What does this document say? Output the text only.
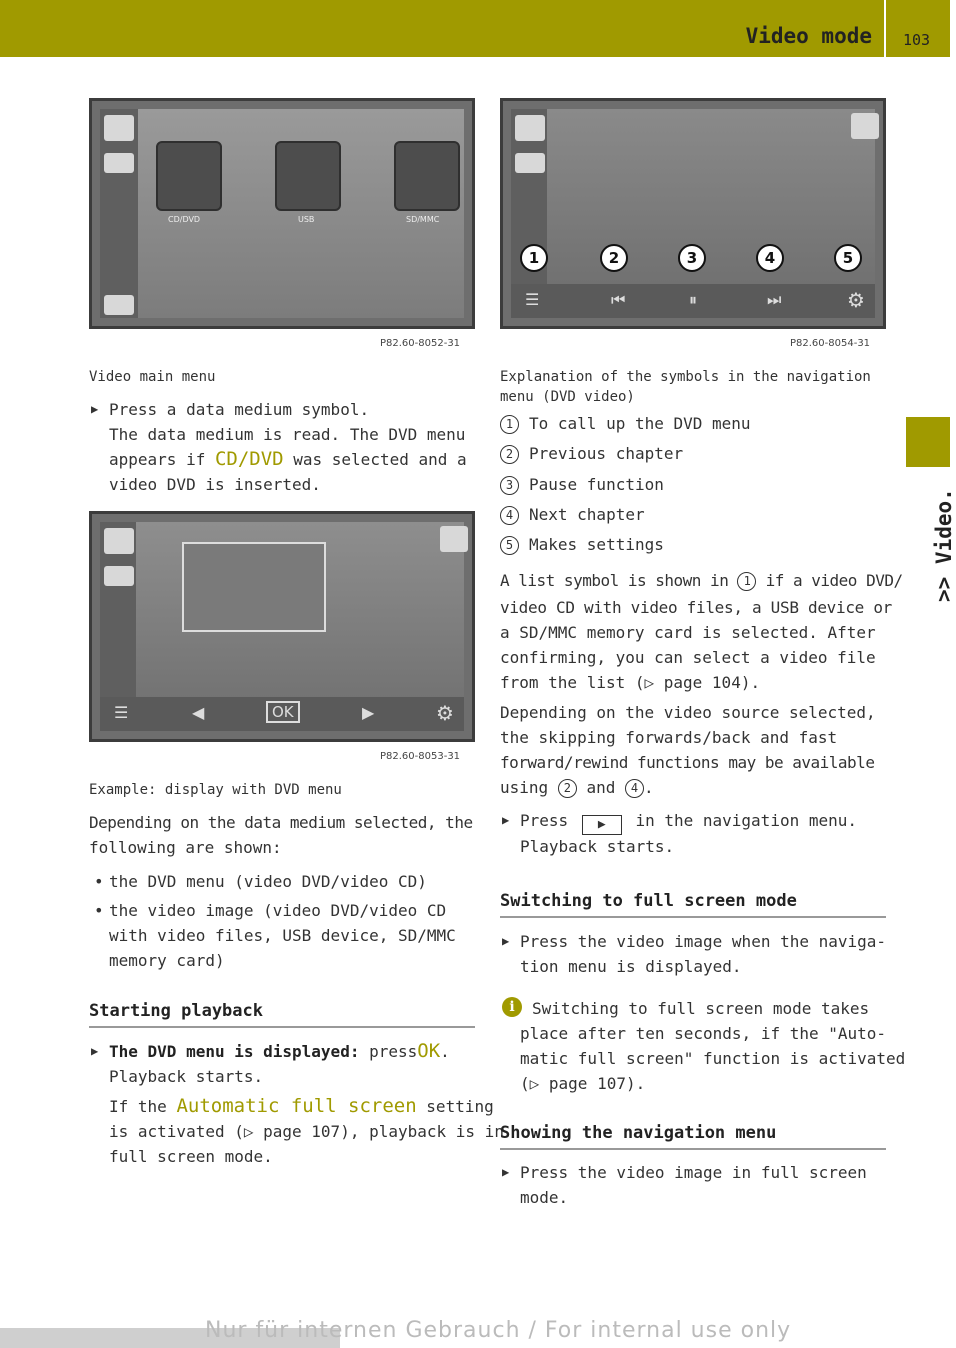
Video mode 103
>> Video.
CD/DVD	USB	SD/MMC
P82.60-8052-31
☰	⏮	⏸	⏭	⚙
1	2	3	4	5
P82.60-8054-31
Video main menu
▶ Press a data medium symbol.
The data medium is read. The DVD menu
appears if CD/DVD was selected and a
video DVD is inserted.
☰	◀	OK	▶	⚙
P82.60-8053-31
Example: display with DVD menu
Depending on the data medium selected, the
following are shown:
• the DVD menu (video DVD/video CD)
• the video image (video DVD/video CD
with video files, USB device, SD/MMC
memory card)
Starting playback
▶ The DVD menu is displayed: pressOK.
Playback starts.
If the Automatic full screen setting
is activated (▷ page 107), playback is in
full screen mode.
Explanation of the symbols in the navigation
menu (DVD video)
1 To call up the DVD menu
2 Previous chapter
3 Pause function
4 Next chapter
5 Makes settings
A list symbol is shown in 1 if a video DVD/
video CD with video files, a USB device or
a SD/MMC memory card is selected. After
confirming, you can select a video file
from the list (▷ page 104).
Depending on the video source selected,
the skipping forwards/back and fast
forward/rewind functions may be available
using 2 and 4 .
▶ Press ▶ in the navigation menu.
Playback starts.
Switching to full screen mode
▶ Press the video image when the naviga-
tion menu is displayed.
i	Switching to full screen mode takes
place after ten seconds, if the "Auto-
matic full screen" function is activated
(▷ page 107).
Showing the navigation menu
▶ Press the video image in full screen
mode.
Nur für internen Gebrauch / For internal use only
